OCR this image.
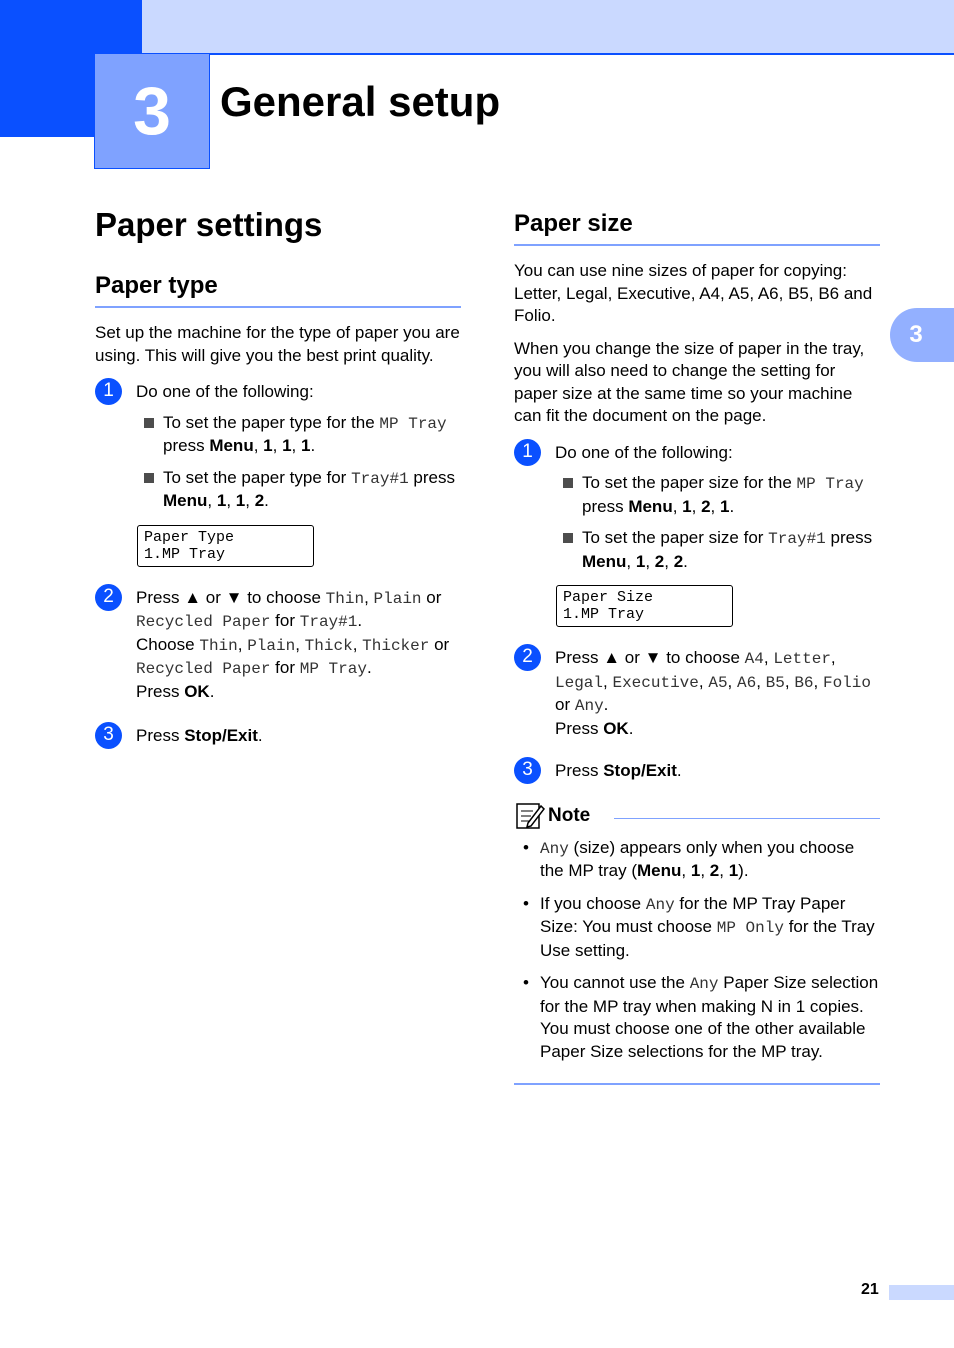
3 General setup
3
Paper settings
Paper type

Set up the machine for the type of paper you are using. This will give you the best print quality.

1	Do one of the following:
To set the paper type for the MP Tray press Menu, 1, 1, 1.
To set the paper type for Tray#1 press Menu, 1, 1, 2.
Paper Type
1.MP Tray
2	Press ▲ or ▼ to choose Thin, Plain or Recycled Paper for Tray#1.
Choose Thin, Plain, Thick, Thicker or Recycled Paper for MP Tray.
Press OK.
3	Press Stop/Exit.
Paper size

You can use nine sizes of paper for copying: Letter, Legal, Executive, A4, A5, A6, B5, B6 and Folio.

When you change the size of paper in the tray, you will also need to change the setting for paper size at the same time so your machine can fit the document on the page.

1	Do one of the following:
To set the paper size for the MP Tray press Menu, 1, 2, 1.
To set the paper size for Tray#1 press Menu, 1, 2, 2.
Paper Size
1.MP Tray
2	Press ▲ or ▼ to choose A4, Letter, Legal, Executive, A5, A6, B5, B6, Folio or Any.
Press OK.
3	Press Stop/Exit.
Note
• Any (size) appears only when you choose the MP tray (Menu, 1, 2, 1).
• If you choose Any for the MP Tray Paper Size: You must choose MP Only for the Tray Use setting.
• You cannot use the Any Paper Size selection for the MP tray when making N in 1 copies. You must choose one of the other available Paper Size selections for the MP tray.
21
